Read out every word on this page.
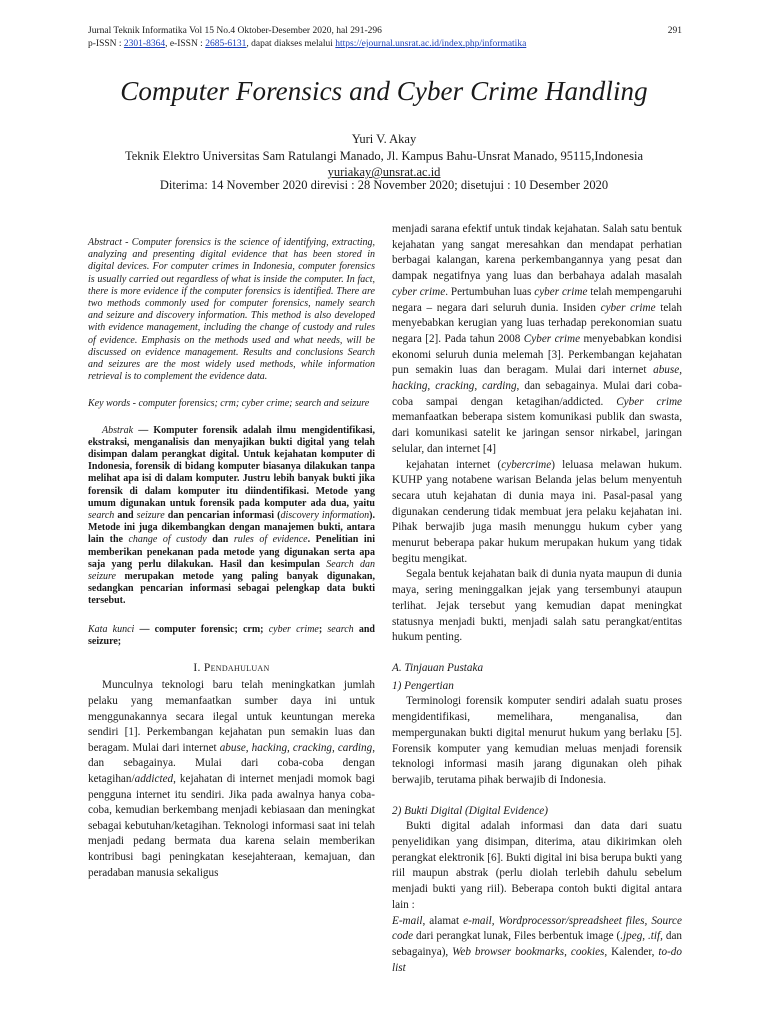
Jurnal Teknik Informatika Vol 15 No.4 Oktober-Desember 2020, hal 291-296
p-ISSN : 2301-8364, e-ISSN : 2685-6131, dapat diakses melalui https://ejournal.unsrat.ac.id/index.php/informatika
291
Computer Forensics and Cyber Crime Handling
Yuri V. Akay
Teknik Elektro Universitas Sam Ratulangi Manado, Jl. Kampus Bahu-Unsrat Manado, 95115,Indonesia
yuriakay@unsrat.ac.id
Diterima: 14 November 2020 direvisi : 28 November 2020; disetujui : 10 Desember 2020

Abstract - Computer forensics is the science of identifying, extracting, analyzing and presenting digital evidence that has been stored in digital devices. For computer crimes in Indonesia, computer forensics is usually carried out regardless of what is inside the computer. In fact, there is more evidence if the computer forensics is identified. There are two methods commonly used for computer forensics, namely search and seizure and discovery information. This method is also developed with evidence management, including the change of custody and rules of evidence. Emphasis on the methods used and what needs, will be discussed on evidence management. Results and conclusions Search and seizures are the most widely used methods, while information retrieval is to complement the evidence data.

Key words - computer forensics; crm; cyber crime; search and seizure

Abstrak — Komputer forensik adalah ilmu mengidentifikasi, ekstraksi, menganalisis dan menyajikan bukti digital yang telah disimpan dalam perangkat digital. Untuk kejahatan komputer di Indonesia, forensik di bidang komputer biasanya dilakukan tanpa melihat apa isi di dalam komputer. Justru lebih banyak bukti jika forensik di dalam komputer itu diindentifikasi. Metode yang umum digunakan untuk forensik pada komputer ada dua, yaitu search and seizure dan pencarian informasi (discovery information). Metode ini juga dikembangkan dengan manajemen bukti, antara lain the change of custody dan rules of evidence. Penelitian ini memberikan penekanan pada metode yang digunakan serta apa saja yang perlu dilakukan. Hasil dan kesimpulan Search dan seizure merupakan metode yang paling banyak digunakan, sedangkan pencarian informasi sebagai pelengkap data bukti tersebut.

Kata kunci — computer forensic; crm; cyber crime; search and seizure;

I. Pendahuluan

Munculnya teknologi baru telah meningkatkan jumlah pelaku yang memanfaatkan sumber daya ini untuk menggunakannya secara ilegal untuk keuntungan mereka sendiri [1]. Perkembangan kejahatan pun semakin luas dan beragam. Mulai dari internet abuse, hacking, cracking, carding, dan sebagainya. Mulai dari coba-coba dengan ketagihan/addicted, kejahatan di internet menjadi momok bagi pengguna internet itu sendiri. Jika pada awalnya hanya coba-coba, kemudian berkembang menjadi kebiasaan dan meningkat sebagai kebutuhan/ketagihan. Teknologi informasi saat ini telah menjadi pedang bermata dua karena selain memberikan kontribusi bagi peningkatan kesejahteraan, kemajuan, dan peradaban manusia sekaligus

menjadi sarana efektif untuk tindak kejahatan. Salah satu bentuk kejahatan yang sangat meresahkan dan mendapat perhatian berbagai kalangan, karena perkembangannya yang pesat dan dampak negatifnya yang luas dan berbahaya adalah masalah cyber crime. Pertumbuhan luas cyber crime telah mempengaruhi negara – negara dari seluruh dunia. Insiden cyber crime telah menyebabkan kerugian yang luas terhadap perekonomian suatu negara [2]. Pada tahun 2008 Cyber crime menyebabkan kondisi ekonomi seluruh dunia melemah [3]. Perkembangan kejahatan pun semakin luas dan beragam. Mulai dari internet abuse, hacking, cracking, carding, dan sebagainya. Mulai dari coba-coba sampai dengan ketagihan/addicted. Cyber crime memanfaatkan beberapa sistem komunikasi publik dan swasta, dari komunikasi satelit ke jaringan sensor nirkabel, jaringan selular, dan internet [4]

kejahatan internet (cybercrime) leluasa melawan hukum. KUHP yang notabene warisan Belanda jelas belum menyentuh secara utuh kejahatan di dunia maya ini. Pasal-pasal yang digunakan cenderung tidak membuat jera pelaku kejahatan ini. Pihak berwajib juga masih menunggu hukum cyber yang menurut beberapa pakar hukum merupakan hukum yang tidak begitu mengikat.

Segala bentuk kejahatan baik di dunia nyata maupun di dunia maya, sering meninggalkan jejak yang tersembunyi ataupun terlihat. Jejak tersebut yang kemudian dapat meningkat statusnya menjadi bukti, menjadi salah satu perangkat/entitas hukum penting.

A. Tinjauan Pustaka

1) Pengertian

Terminologi forensik komputer sendiri adalah suatu proses mengidentifikasi, memelihara, menganalisa, dan mempergunakan bukti digital menurut hukum yang berlaku [5]. Forensik komputer yang kemudian meluas menjadi forensik teknologi informasi masih jarang digunakan oleh pihak berwajib, terutama pihak berwajib di Indonesia.

2) Bukti Digital (Digital Evidence)

Bukti digital adalah informasi dan data dari suatu penyelidikan yang disimpan, diterima, atau dikirimkan oleh perangkat elektronik [6]. Bukti digital ini bisa berupa bukti yang riil maupun abstrak (perlu diolah terlebih dahulu sebelum menjadi bukti yang riil). Beberapa contoh bukti digital antara lain :

E-mail, alamat e-mail, Wordprocessor/spreadsheet files, Source code dari perangkat lunak, Files berbentuk image (.jpeg, .tif, dan sebagainya), Web browser bookmarks, cookies, Kalender, to-do list
